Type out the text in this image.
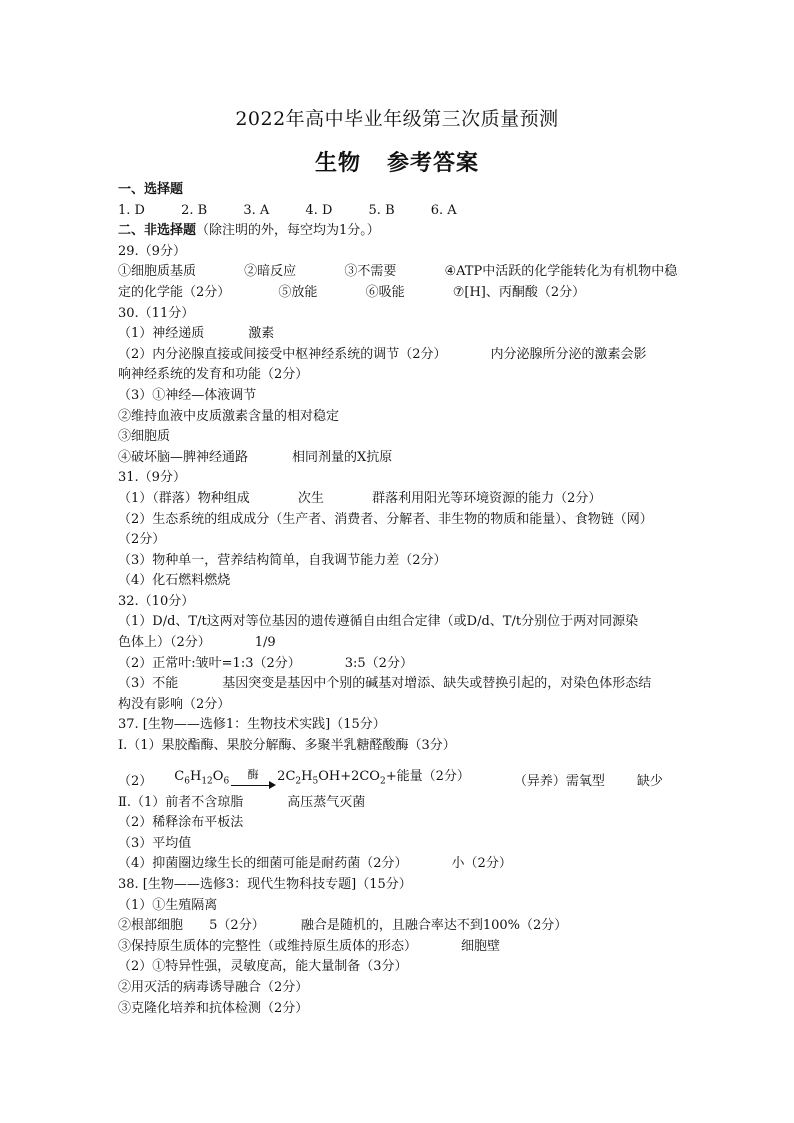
2022年高中毕业年级第三次质量预测
生物 参考答案
一、选择题
1. D	2. B	3. A	4. D	5. B	6. A
二、非选择题（除注明的外，每空均为1分。）
29.（9分）
①细胞质基质	②暗反应	③不需要	④ATP中活跃的化学能转化为有机物中稳
定的化学能（2分）	⑤放能	⑥吸能	⑦[H]、丙酮酸（2分）
30.（11分）
（1）神经递质	激素
（2）内分泌腺直接或间接受中枢神经系统的调节（2分）	内分泌腺所分泌的激素会影
响神经系统的发育和功能（2分）
（3）①神经—体液调节
②维持血液中皮质激素含量的相对稳定
③细胞质
④破坏脑—脾神经通路	相同剂量的X抗原
31.（9分）
（1）（群落）物种组成	次生	群落利用阳光等环境资源的能力（2分）
（2）生态系统的组成成分（生产者、消费者、分解者、非生物的物质和能量）、食物链（网）
（2分）
（3）物种单一，营养结构简单，自我调节能力差（2分）
（4）化石燃料燃烧
32.（10分）
（1）D/d、T/t这两对等位基因的遗传遵循自由组合定律（或D/d、T/t分别位于两对同源染
色体上）（2分）	1/9
（2）正常叶:皱叶=1:3（2分）	3:5（2分）
（3）不能	基因突变是基因中个别的碱基对增添、缺失或替换引起的，对染色体形态结
构没有影响（2分）
37. [生物——选修1：生物技术实践]（15分）
Ⅰ.（1）果胶酯酶、果胶分解酶、多聚半乳糖醛酸酶（3分）
（2） $C_6H_{12}O_6$
酶	$2C_2H_5OH+2CO_2+$能量（2分）	（异养）需氧型 缺少
Ⅱ.（1）前者不含琼脂	高压蒸气灭菌
（2）稀释涂布平板法
（3）平均值
（4）抑菌圈边缘生长的细菌可能是耐药菌（2分）	小（2分）
38. [生物——选修3：现代生物科技专题]（15分）
（1）①生殖隔离
②根部细胞 5（2分）	融合是随机的，且融合率达不到100%（2分）
③保持原生质体的完整性（或维持原生质体的形态）	细胞壁
（2）①特异性强，灵敏度高，能大量制备（3分）
②用灭活的病毒诱导融合（2分）
③克隆化培养和抗体检测（2分）
